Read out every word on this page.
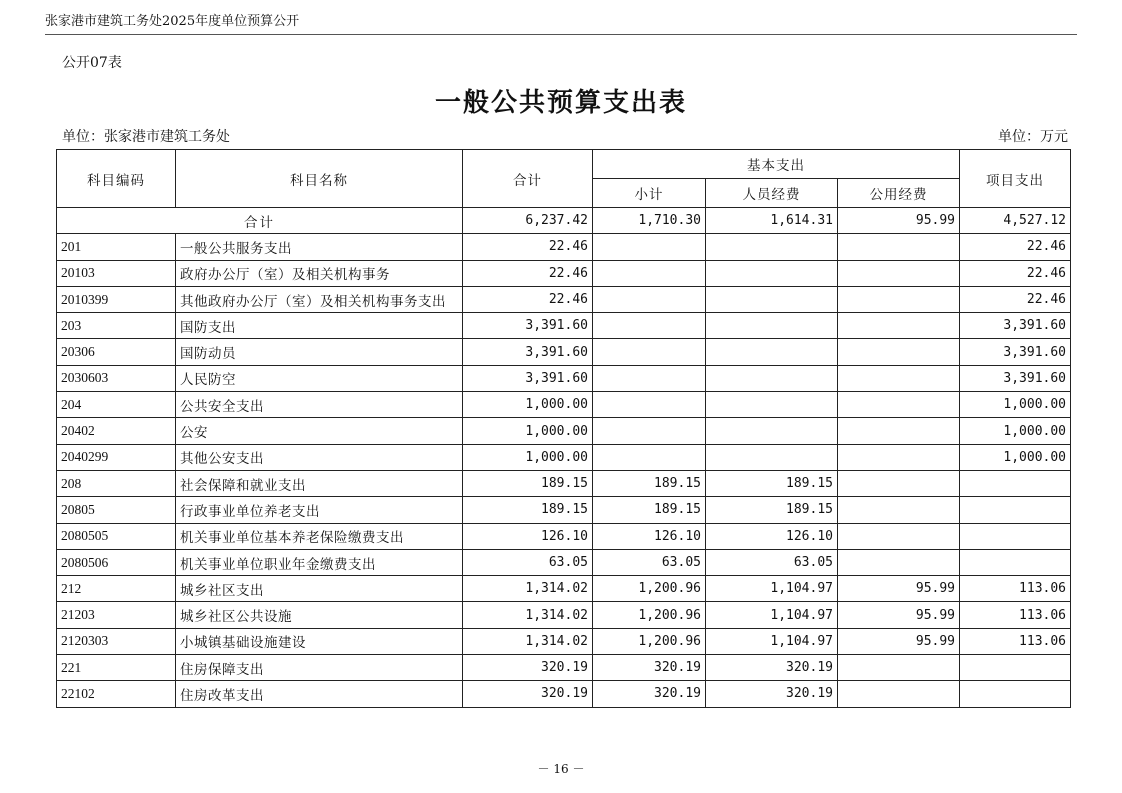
张家港市建筑工务处2025年度单位预算公开
公开07表
一般公共预算支出表
单位：张家港市建筑工务处	单位：万元
科目编码	科目名称	合计	基本支出			项目支出
			小计	人员经费	公用经费	
合计		6,237.42	1,710.30	1,614.31	95.99	4,527.12
201	一般公共服务支出	22.46				22.46
20103	政府办公厅（室）及相关机构事务	22.46				22.46
2010399	其他政府办公厅（室）及相关机构事务支出	22.46				22.46
203	国防支出	3,391.60				3,391.60
20306	国防动员	3,391.60				3,391.60
2030603	人民防空	3,391.60				3,391.60
204	公共安全支出	1,000.00				1,000.00
20402	公安	1,000.00				1,000.00
2040299	其他公安支出	1,000.00				1,000.00
208	社会保障和就业支出	189.15	189.15	189.15		
20805	行政事业单位养老支出	189.15	189.15	189.15		
2080505	机关事业单位基本养老保险缴费支出	126.10	126.10	126.10		
2080506	机关事业单位职业年金缴费支出	63.05	63.05	63.05		
212	城乡社区支出	1,314.02	1,200.96	1,104.97	95.99	113.06
21203	城乡社区公共设施	1,314.02	1,200.96	1,104.97	95.99	113.06
2120303	小城镇基础设施建设	1,314.02	1,200.96	1,104.97	95.99	113.06
221	住房保障支出	320.19	320.19	320.19		
22102	住房改革支出	320.19	320.19	320.19		
－ 16 －
